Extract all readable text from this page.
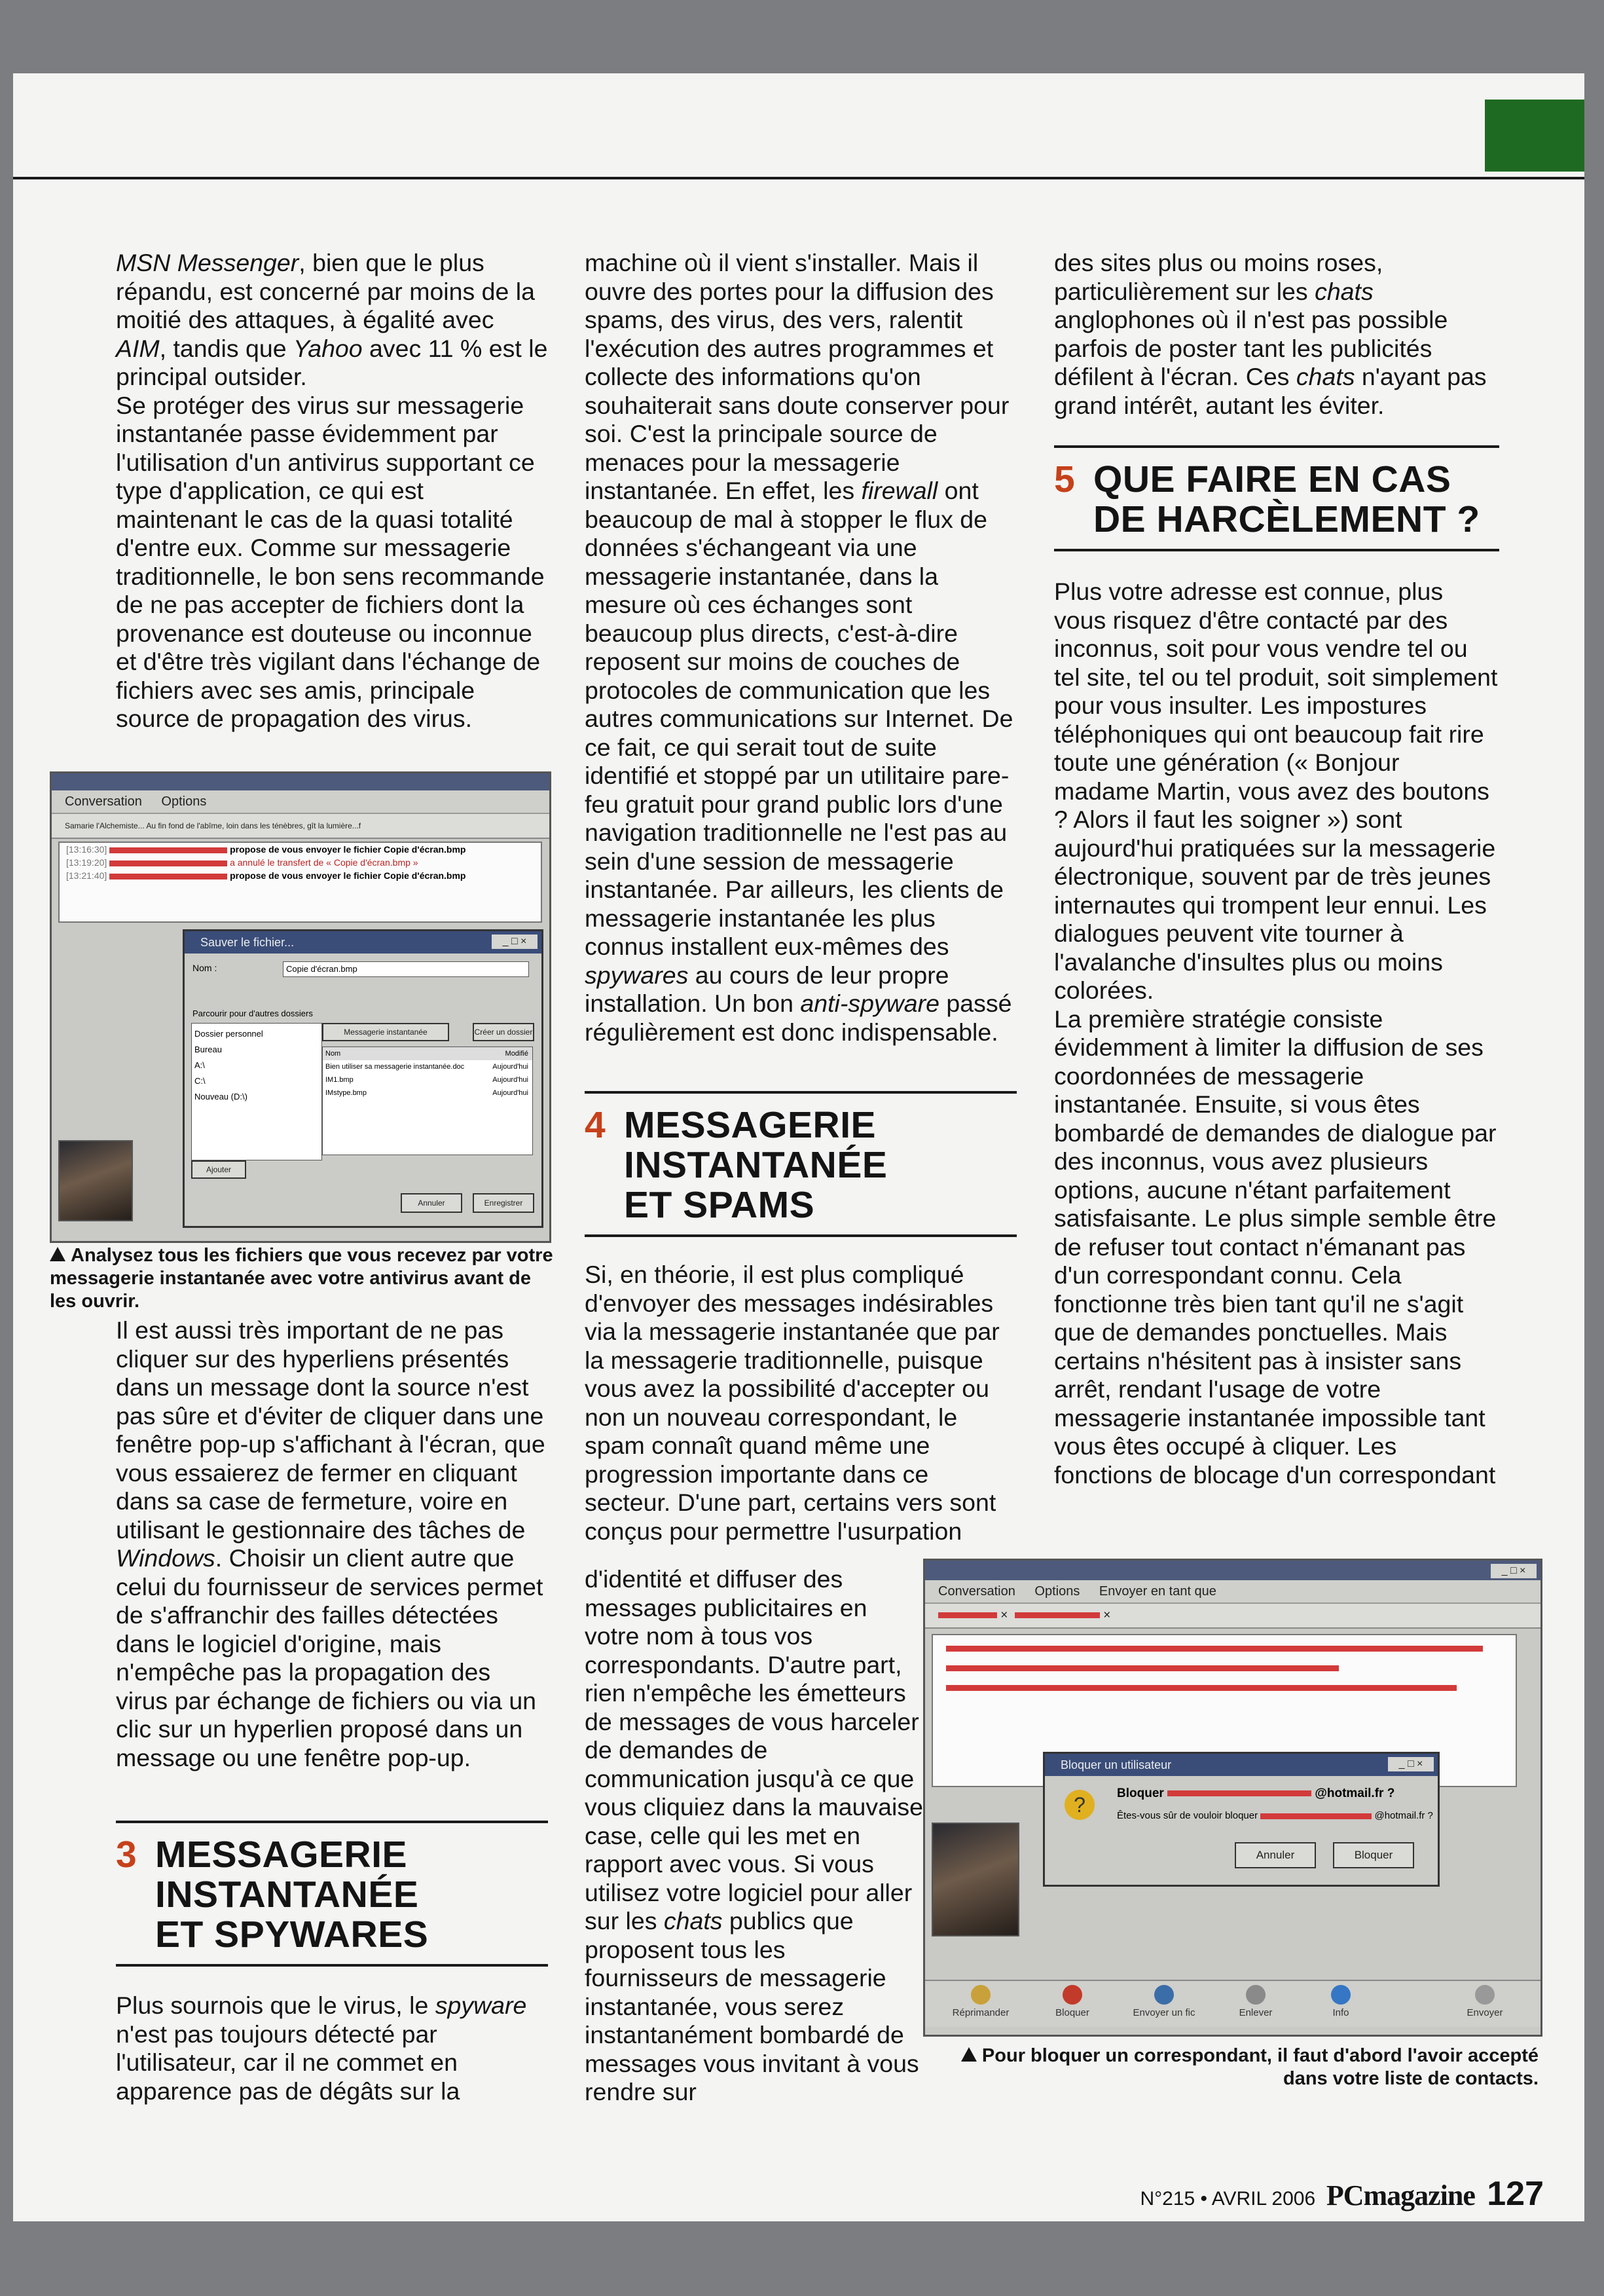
MSN Messenger, bien que le plus répandu, est concerné par moins de la moitié des attaques, à égalité avec AIM, tandis que Yahoo avec 11 % est le principal outsider.
Se protéger des virus sur messagerie instantanée passe évidemment par l'utilisation d'un antivirus supportant ce type d'application, ce qui est maintenant le cas de la quasi totalité d'entre eux. Comme sur messagerie traditionnelle, le bon sens recommande de ne pas accepter de fichiers dont la provenance est douteuse ou inconnue et d'être très vigilant dans l'échange de fichiers avec ses amis, principale source de propagation des virus.

Conversation Options
Samarie l'Alchemiste... Au fin fond de l'abîme, loin dans les ténèbres, gît la lumière...f
[13:16:30]	propose de vous envoyer le fichier Copie d'écran.bmp
[13:19:20]	a annulé le transfert de « Copie d'écran.bmp »
[13:21:40]	propose de vous envoyer le fichier Copie d'écran.bmp
Sauver le fichier...	_ □ ×
Nom :	Copie d'écran.bmp
Parcourir pour d'autres dossiers
Dossier personnel
Bureau
A:\
C:\
Nouveau (D:\)
Messagerie instantanée	Créer un dossier
Nom	Modifié
Bien utiliser sa messagerie instantanée.doc	Aujourd'hui
IM1.bmp	Aujourd'hui
IMstype.bmp	Aujourd'hui
Ajouter
Annuler	Enregistrer
Analysez tous les fichiers que vous recevez par votre messagerie instantanée avec votre antivirus avant de les ouvrir.

Il est aussi très important de ne pas cliquer sur des hyperliens présentés dans un message dont la source n'est pas sûre et d'éviter de cliquer dans une fenêtre pop-up s'affichant à l'écran, que vous essaierez de fermer en cliquant dans sa case de fermeture, voire en utilisant le gestionnaire des tâches de Windows. Choisir un client autre que celui du fournisseur de services permet de s'affranchir des failles détectées dans le logiciel d'origine, mais n'empêche pas la propagation des virus par échange de fichiers ou via un clic sur un hyperlien proposé dans un message ou une fenêtre pop-up.

3 MESSAGERIE
INSTANTANÉE
ET SPYWARES

Plus sournois que le virus, le spyware n'est pas toujours détecté par l'utilisateur, car il ne commet en apparence pas de dégâts sur la

machine où il vient s'installer. Mais il ouvre des portes pour la diffusion des spams, des virus, des vers, ralentit l'exécution des autres programmes et collecte des informations qu'on souhaiterait sans doute conserver pour soi. C'est la principale source de menaces pour la messagerie instantanée. En effet, les firewall ont beaucoup de mal à stopper le flux de données s'échangeant via une messagerie instantanée, dans la mesure où ces échanges sont beaucoup plus directs, c'est-à-dire reposent sur moins de couches de protocoles de communication que les autres communications sur Internet. De ce fait, ce qui serait tout de suite identifié et stoppé par un utilitaire pare-feu gratuit pour grand public lors d'une navigation traditionnelle ne l'est pas au sein d'une session de messagerie instantanée. Par ailleurs, les clients de messagerie instantanée les plus connus installent eux-mêmes des spywares au cours de leur propre installation. Un bon anti-spyware passé régulièrement est donc indispensable.

4 MESSAGERIE
INSTANTANÉE
ET SPAMS

Si, en théorie, il est plus compliqué d'envoyer des messages indésirables via la messagerie instantanée que par la messagerie traditionnelle, puisque vous avez la possibilité d'accepter ou non un nouveau correspondant, le spam connaît quand même une progression importante dans ce secteur. D'une part, certains vers sont conçus pour permettre l'usurpation

d'identité et diffuser des messages publicitaires en votre nom à tous vos correspondants. D'autre part, rien n'empêche les émetteurs de messages de vous harceler de demandes de communication jusqu'à ce que vous cliquiez dans la mauvaise case, celle qui les met en rapport avec vous. Si vous utilisez votre logiciel pour aller sur les chats publics que proposent tous les fournisseurs de messagerie instantanée, vous serez instantanément bombardé de messages vous invitant à vous rendre sur

des sites plus ou moins roses, particulièrement sur les chats anglophones où il n'est pas possible parfois de poster tant les publicités défilent à l'écran. Ces chats n'ayant pas grand intérêt, autant les éviter.

5 QUE FAIRE EN CAS
DE HARCÈLEMENT ?

Plus votre adresse est connue, plus vous risquez d'être contacté par des inconnus, soit pour vous vendre tel ou tel site, tel ou tel produit, soit simplement pour vous insulter. Les impostures téléphoniques qui ont beaucoup fait rire toute une génération (« Bonjour madame Martin, vous avez des boutons ? Alors il faut les soigner ») sont aujourd'hui pratiquées sur la messagerie électronique, souvent par de très jeunes internautes qui trompent leur ennui. Les dialogues peuvent vite tourner à l'avalanche d'insultes plus ou moins colorées.
La première stratégie consiste évidemment à limiter la diffusion de ses coordonnées de messagerie instantanée. Ensuite, si vous êtes bombardé de demandes de dialogue par des inconnus, vous avez plusieurs options, aucune n'étant parfaitement satisfaisante. Le plus simple semble être de refuser tout contact n'émanant pas d'un correspondant connu. Cela fonctionne très bien tant qu'il ne s'agit que de demandes ponctuelles. Mais certains n'hésitent pas à insister sans arrêt, rendant l'usage de votre messagerie instantanée impossible tant vous êtes occupé à cliquer. Les fonctions de blocage d'un correspondant

_ □ ×
Conversation Options Envoyer en tant que
×	×
Bloquer un utilisateur	_ □ ×
?	Bloquer	@hotmail.fr ?
Êtes-vous sûr de vouloir bloquer	@hotmail.fr ?
Annuler	Bloquer
Réprimander	Bloquer	Envoyer un fic	Enlever	Info	Envoyer
Pour bloquer un correspondant, il faut d'abord l'avoir accepté dans votre liste de contacts.
N°215 • AVRIL 2006 PCmagazine 127
